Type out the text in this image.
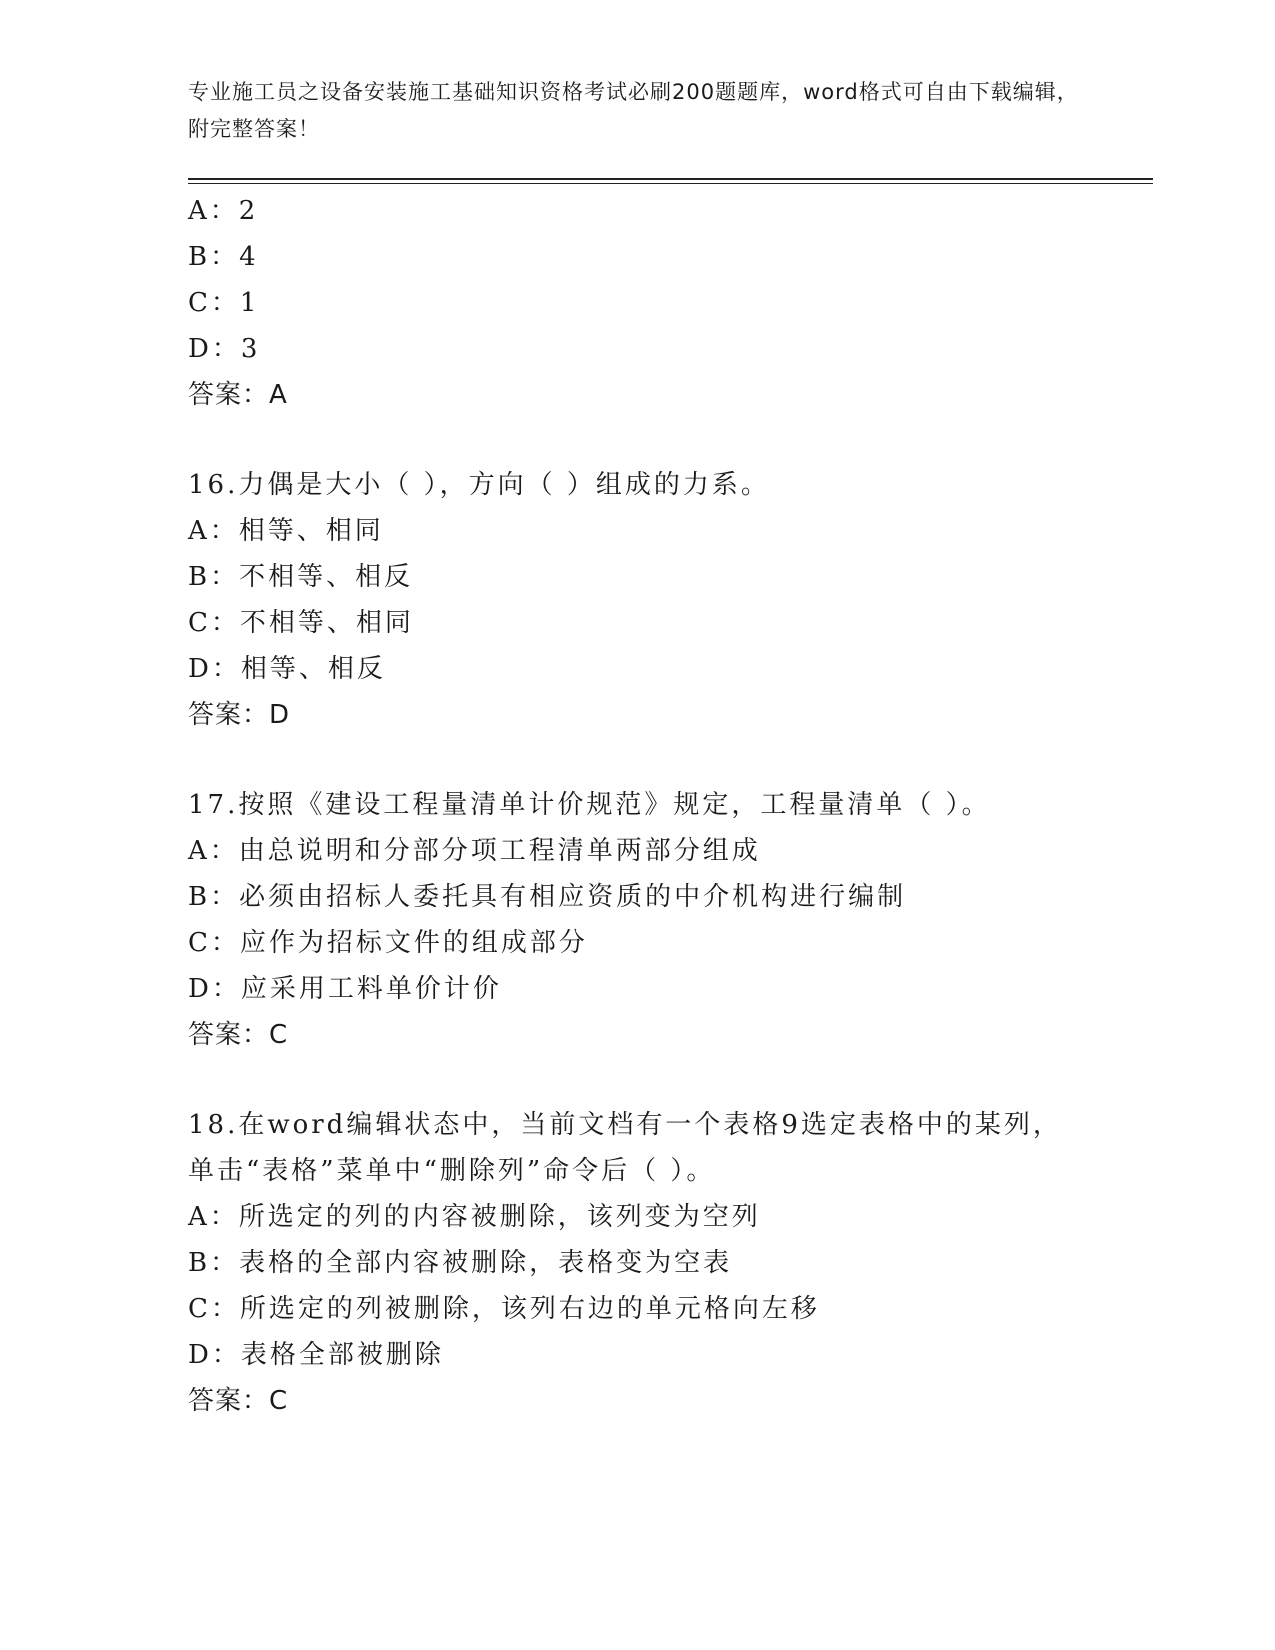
专业施工员之设备安装施工基础知识资格考试必刷200题题库，word格式可自由下载编辑，附完整答案！
A：2
B：4
C：1
D：3
答案：A
16.力偶是大小（ ），方向（ ）组成的力系。
A：相等、相同
B：不相等、相反
C：不相等、相同
D：相等、相反
答案：D
17.按照《建设工程量清单计价规范》规定，工程量清单（ ）。
A：由总说明和分部分项工程清单两部分组成
B：必须由招标人委托具有相应资质的中介机构进行编制
C：应作为招标文件的组成部分
D：应采用工料单价计价
答案：C
18.在word编辑状态中，当前文档有一个表格9选定表格中的某列，
单击“表格”菜单中“删除列”命令后（ ）。
A：所选定的列的内容被删除，该列变为空列
B：表格的全部内容被删除，表格变为空表
C：所选定的列被删除，该列右边的单元格向左移
D：表格全部被删除
答案：C
